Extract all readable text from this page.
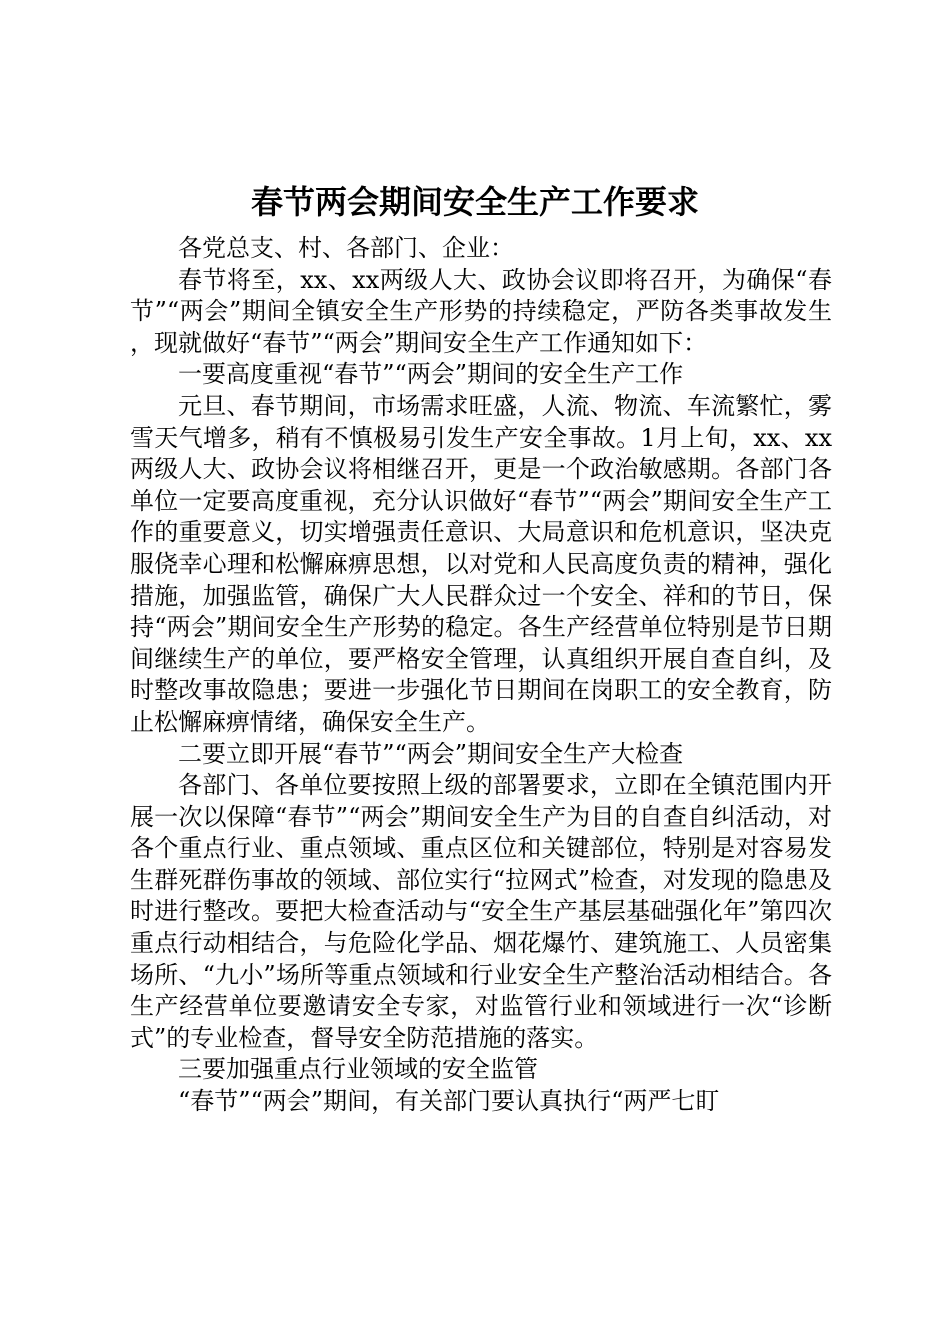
春节两会期间安全生产工作要求

各党总支、村、各部门、企业：

春节将至，xx、xx两级人大、政协会议即将召开，为确保“春节”“两会”期间全镇安全生产形势的持续稳定，严防各类事故发生，现就做好“春节”“两会”期间安全生产工作通知如下：

一要高度重视“春节”“两会”期间的安全生产工作

元旦、春节期间，市场需求旺盛，人流、物流、车流繁忙，雾雪天气增多，稍有不慎极易引发生产安全事故。1月上旬，xx、xx两级人大、政协会议将相继召开，更是一个政治敏感期。各部门各单位一定要高度重视，充分认识做好“春节”“两会”期间安全生产工作的重要意义，切实增强责任意识、大局意识和危机意识，坚决克服侥幸心理和松懈麻痹思想，以对党和人民高度负责的精神，强化措施，加强监管，确保广大人民群众过一个安全、祥和的节日，保持“两会”期间安全生产形势的稳定。各生产经营单位特别是节日期间继续生产的单位，要严格安全管理，认真组织开展自查自纠，及时整改事故隐患；要进一步强化节日期间在岗职工的安全教育，防止松懈麻痹情绪，确保安全生产。

二要立即开展“春节”“两会”期间安全生产大检查

各部门、各单位要按照上级的部署要求，立即在全镇范围内开展一次以保障“春节”“两会”期间安全生产为目的自查自纠活动，对各个重点行业、重点领域、重点区位和关键部位，特别是对容易发生群死群伤事故的领域、部位实行“拉网式”检查，对发现的隐患及时进行整改。要把大检查活动与“安全生产基层基础强化年”第四次重点行动相结合，与危险化学品、烟花爆竹、建筑施工、人员密集场所、“九小”场所等重点领域和行业安全生产整治活动相结合。各生产经营单位要邀请安全专家，对监管行业和领域进行一次“诊断式”的专业检查，督导安全防范措施的落实。

三要加强重点行业领域的安全监管

“春节”“两会”期间，有关部门要认真执行“两严七盯
